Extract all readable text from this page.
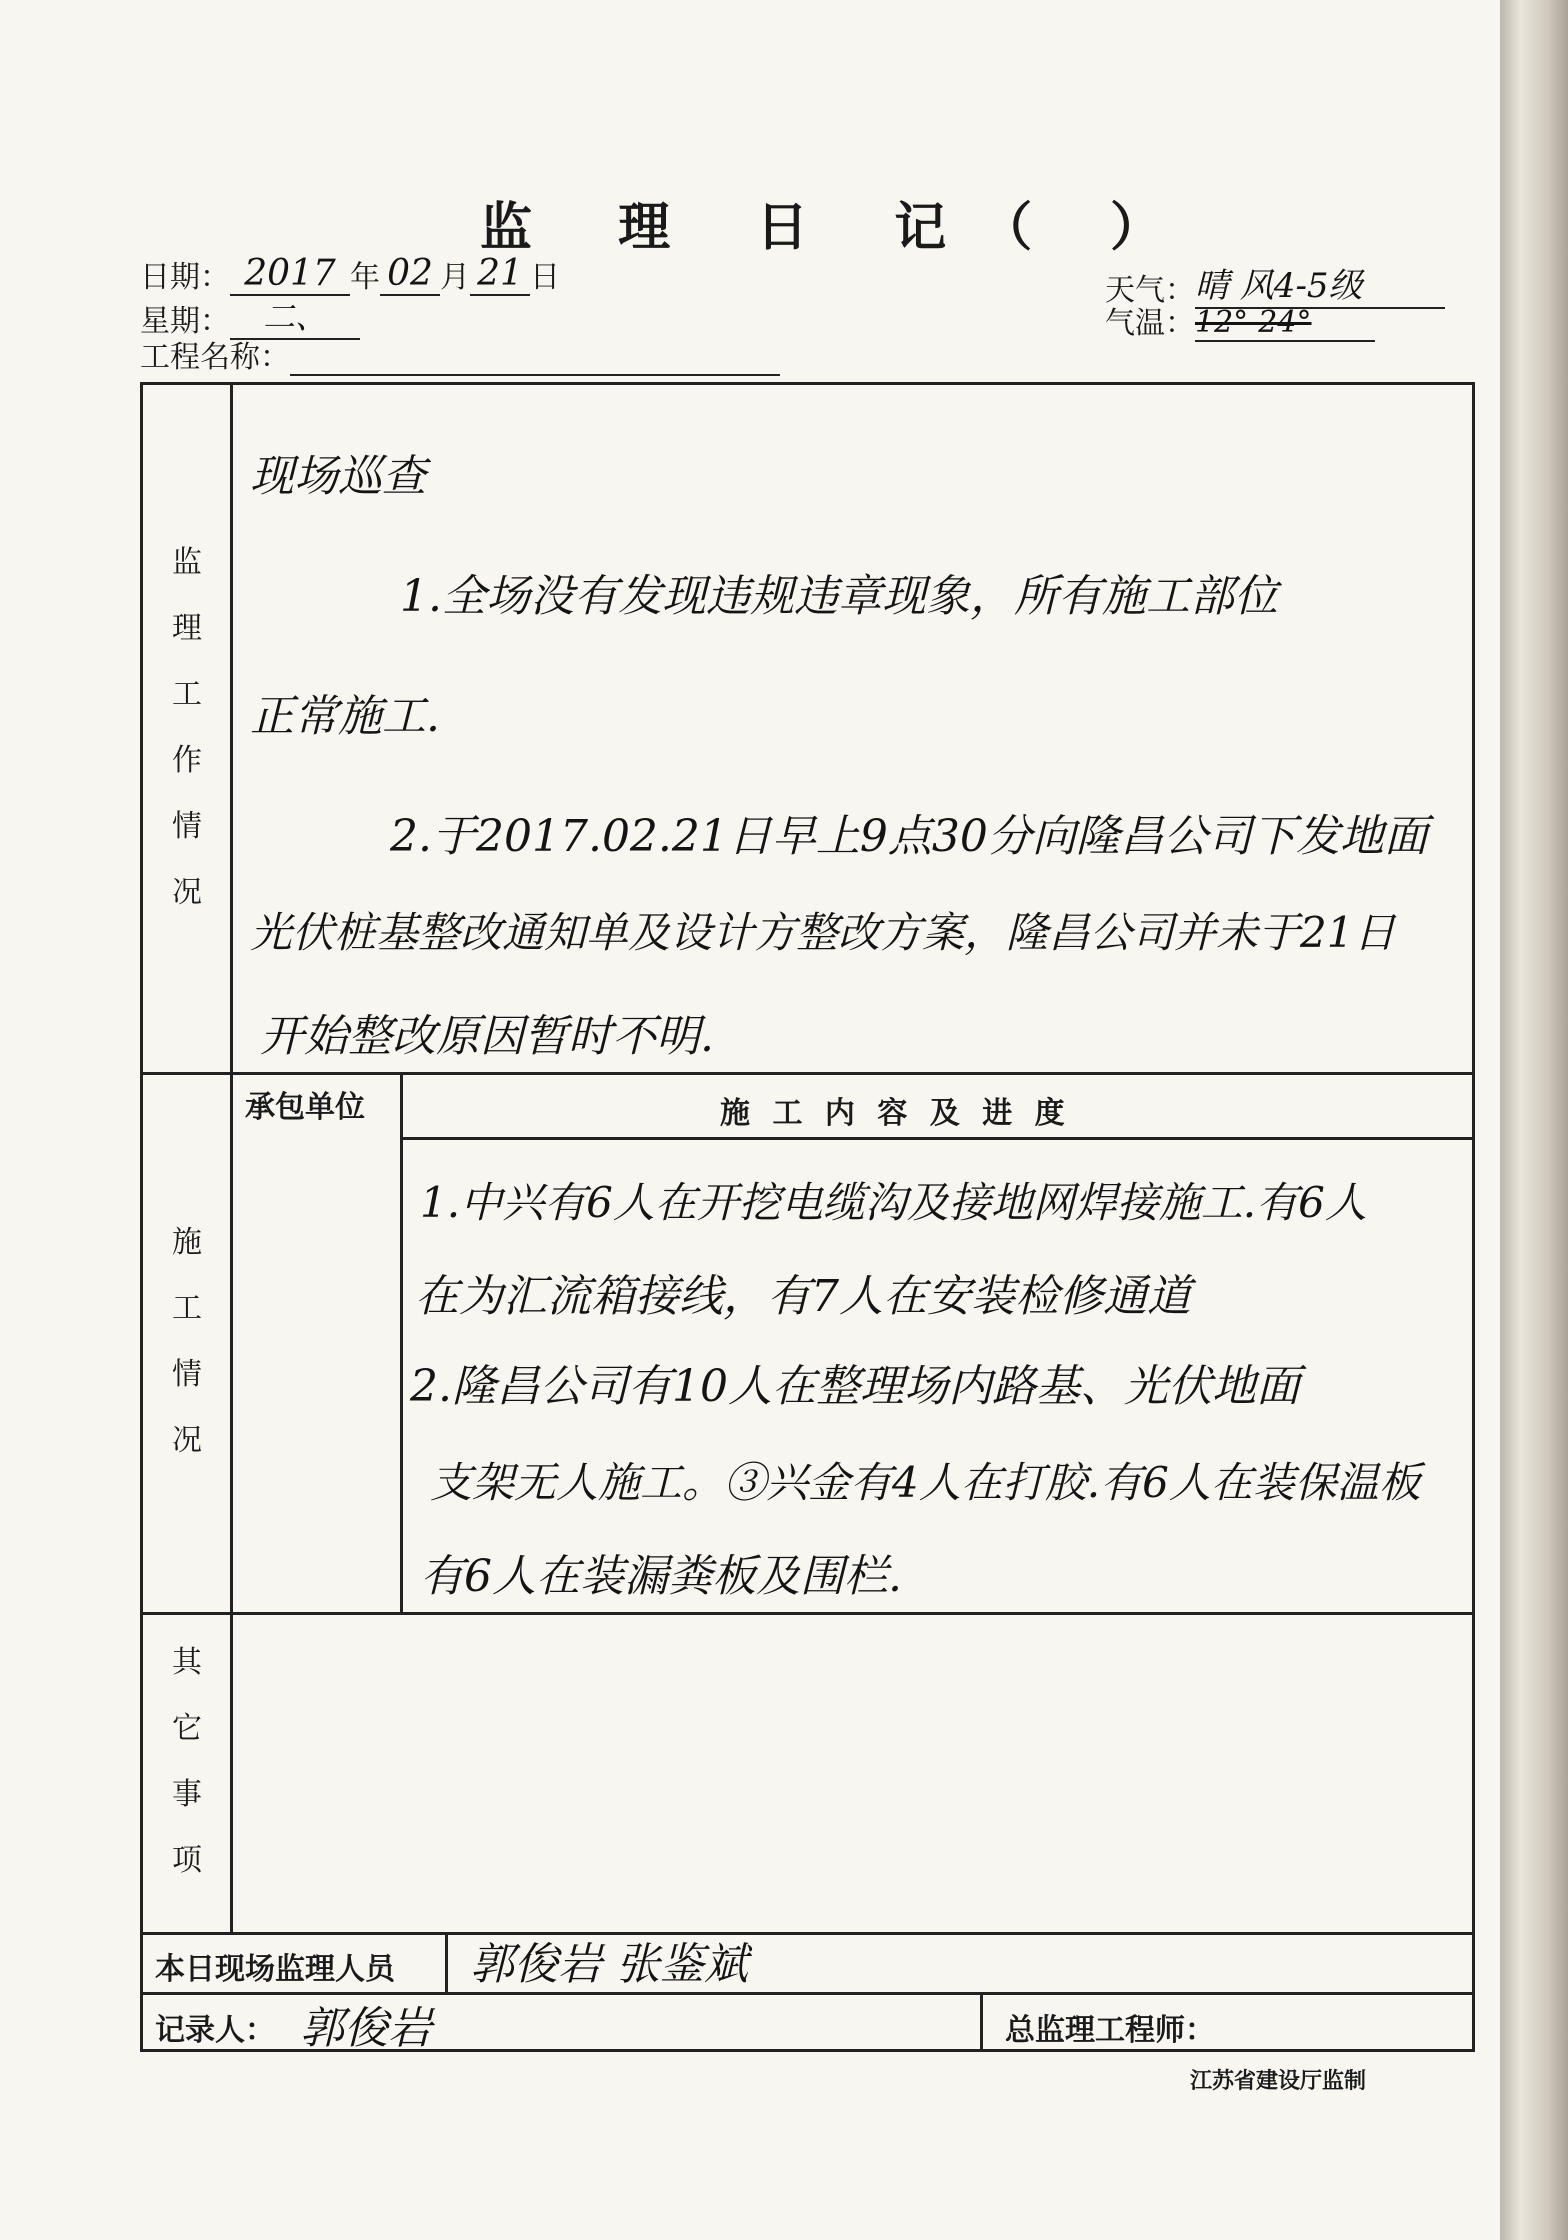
监 理 日 记（ ）
日期： 2017 年 02 月 21 日
星期： 二、
工程名称：
天气：晴 风4-5级
气温：12°-24°
监
理
工
作
情
况
施
工
情
况
其
它
事
项
现场巡查
1.全场没有发现违规违章现象，所有施工部位
正常施工.
2.于2017.02.21日早上9点30分向隆昌公司下发地面
光伏桩基整改通知单及设计方整改方案，隆昌公司并未于21日
开始整改原因暂时不明.
承包单位	施 工 内 容 及 进 度
1.中兴有6人在开挖电缆沟及接地网焊接施工.有6人
在为汇流箱接线，有7人在安装检修通道
2.隆昌公司有10人在整理场内路基、光伏地面
支架无人施工。③兴金有4人在打胶.有6人在装保温板
有6人在装漏粪板及围栏.
本日现场监理人员 郭俊岩 张鉴斌
记录人： 郭俊岩	总监理工程师：
江苏省建设厅监制
